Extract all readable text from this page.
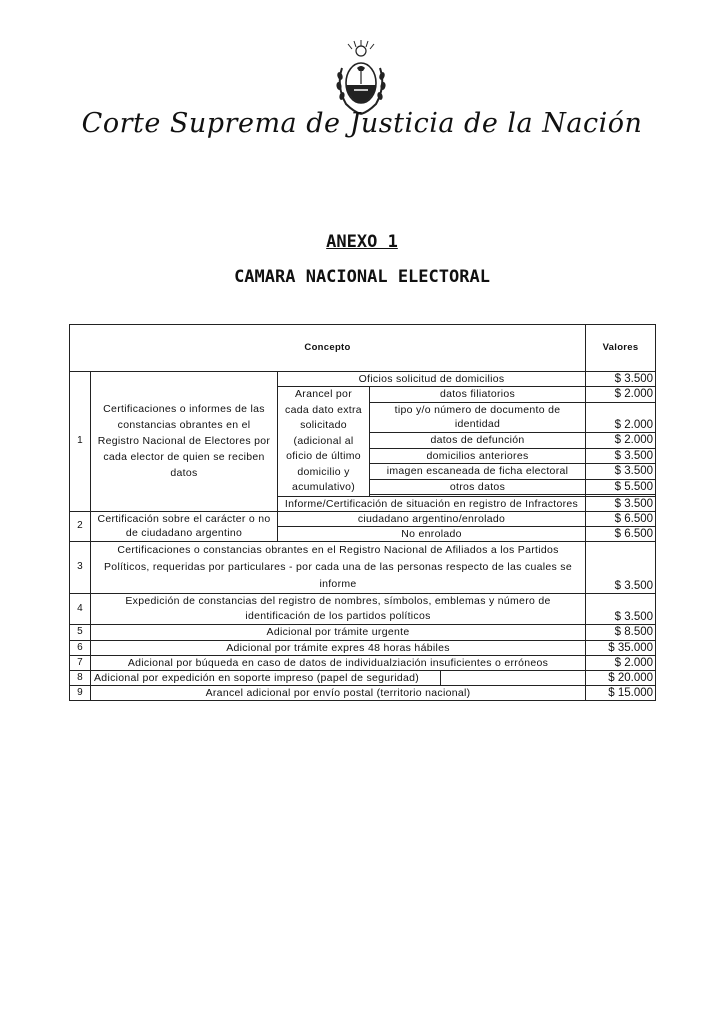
Corte Suprema de Justicia de la Nación
ANEXO 1
CAMARA NACIONAL ELECTORAL
Concepto				Valores
1	Certificaciones o informes de las constancias obrantes en el Registro Nacional de Electores por cada elector de quien se reciben datos	Oficios solicitud de domicilios		$ 3.500
		Arancel por cada dato extra solicitado (adicional al oficio de último domicilio y acumulativo)	datos filiatorios	$ 2.000
			tipo y/o número de documento de identidad	$ 2.000
			datos de defunción	$ 2.000
			domicilios anteriores	$ 3.500
			imagen escaneada de ficha electoral	$ 3.500
			otros datos	$ 5.500

		Informe/Certificación de situación en registro de Infractores		$ 3.500
2	Certificación sobre el carácter o no de ciudadano argentino	ciudadano argentino/enrolado		$ 6.500
		No enrolado		$ 6.500
3	Certificaciones o constancias obrantes en el Registro Nacional de Afiliados a los Partidos Políticos, requeridas por particulares - por cada una de las personas respecto de las cuales se informe			$ 3.500
4	Expedición de constancias del registro de nombres, símbolos, emblemas y número de identificación de los partidos políticos			$ 3.500
5	Adicional por trámite urgente			$ 8.500
6	Adicional por trámite expres 48 horas hábiles			$ 35.000
7	Adicional por búqueda en caso de datos de individualziación insuficientes o erróneos			$ 2.000
8	Adicional por expedición en soporte impreso (papel de seguridad)			$ 20.000
9	Arancel adicional por envío postal (territorio nacional)			$ 15.000
